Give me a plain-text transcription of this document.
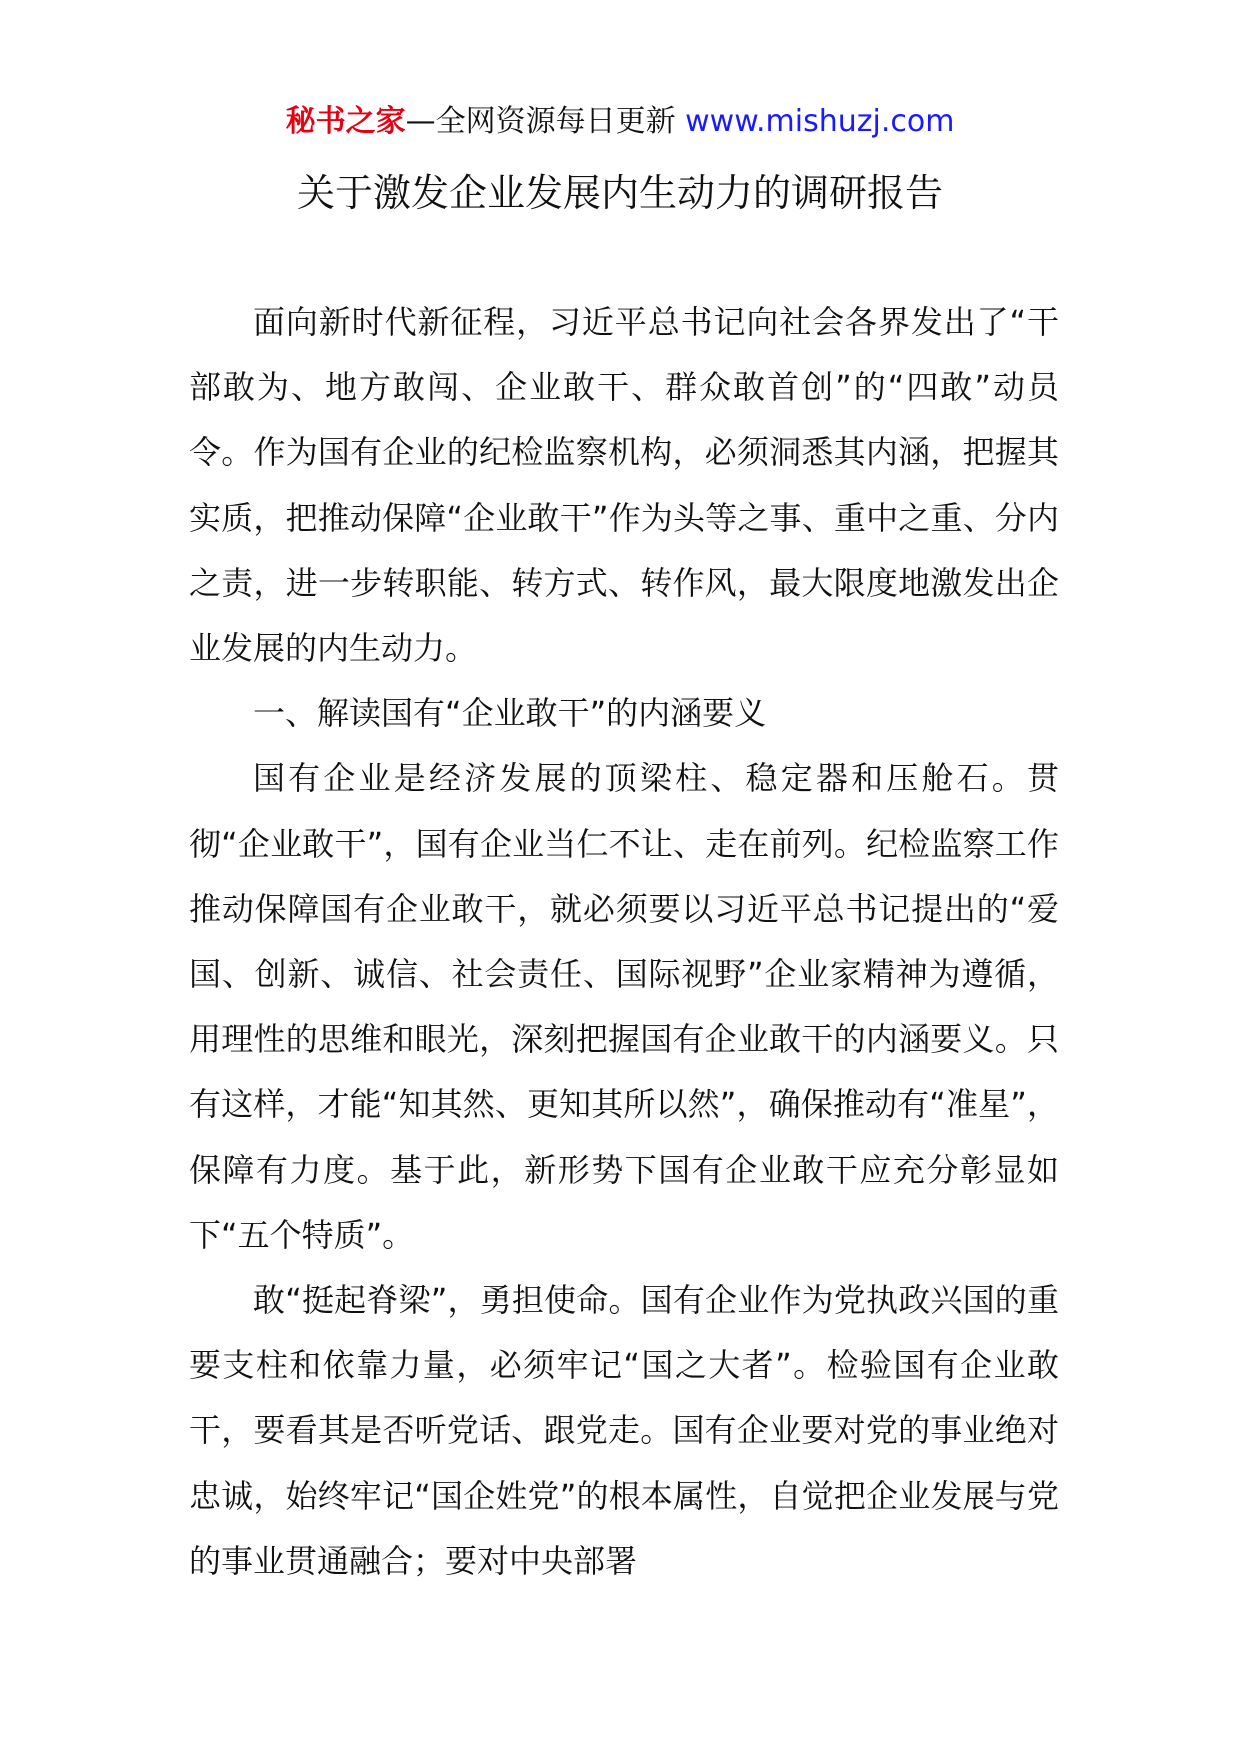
秘书之家—全网资源每日更新 www.mishuzj.com
关于激发企业发展内生动力的调研报告

面向新时代新征程，习近平总书记向社会各界发出了“干部敢为、地方敢闯、企业敢干、群众敢首创”的“四敢”动员令。作为国有企业的纪检监察机构，必须洞悉其内涵，把握其实质，把推动保障“企业敢干”作为头等之事、重中之重、分内之责，进一步转职能、转方式、转作风，最大限度地激发出企业发展的内生动力。

一、解读国有“企业敢干”的内涵要义

国有企业是经济发展的顶梁柱、稳定器和压舱石。贯彻“企业敢干”，国有企业当仁不让、走在前列。纪检监察工作推动保障国有企业敢干，就必须要以习近平总书记提出的“爱国、创新、诚信、社会责任、国际视野”企业家精神为遵循，用理性的思维和眼光，深刻把握国有企业敢干的内涵要义。只有这样，才能“知其然、更知其所以然”，确保推动有“准星”，保障有力度。基于此，新形势下国有企业敢干应充分彰显如下“五个特质”。

敢“挺起脊梁”，勇担使命。国有企业作为党执政兴国的重要支柱和依靠力量，必须牢记“国之大者”。检验国有企业敢干，要看其是否听党话、跟党走。国有企业要对党的事业绝对忠诚，始终牢记“国企姓党”的根本属性，自觉把企业发展与党的事业贯通融合；要对中央部署
